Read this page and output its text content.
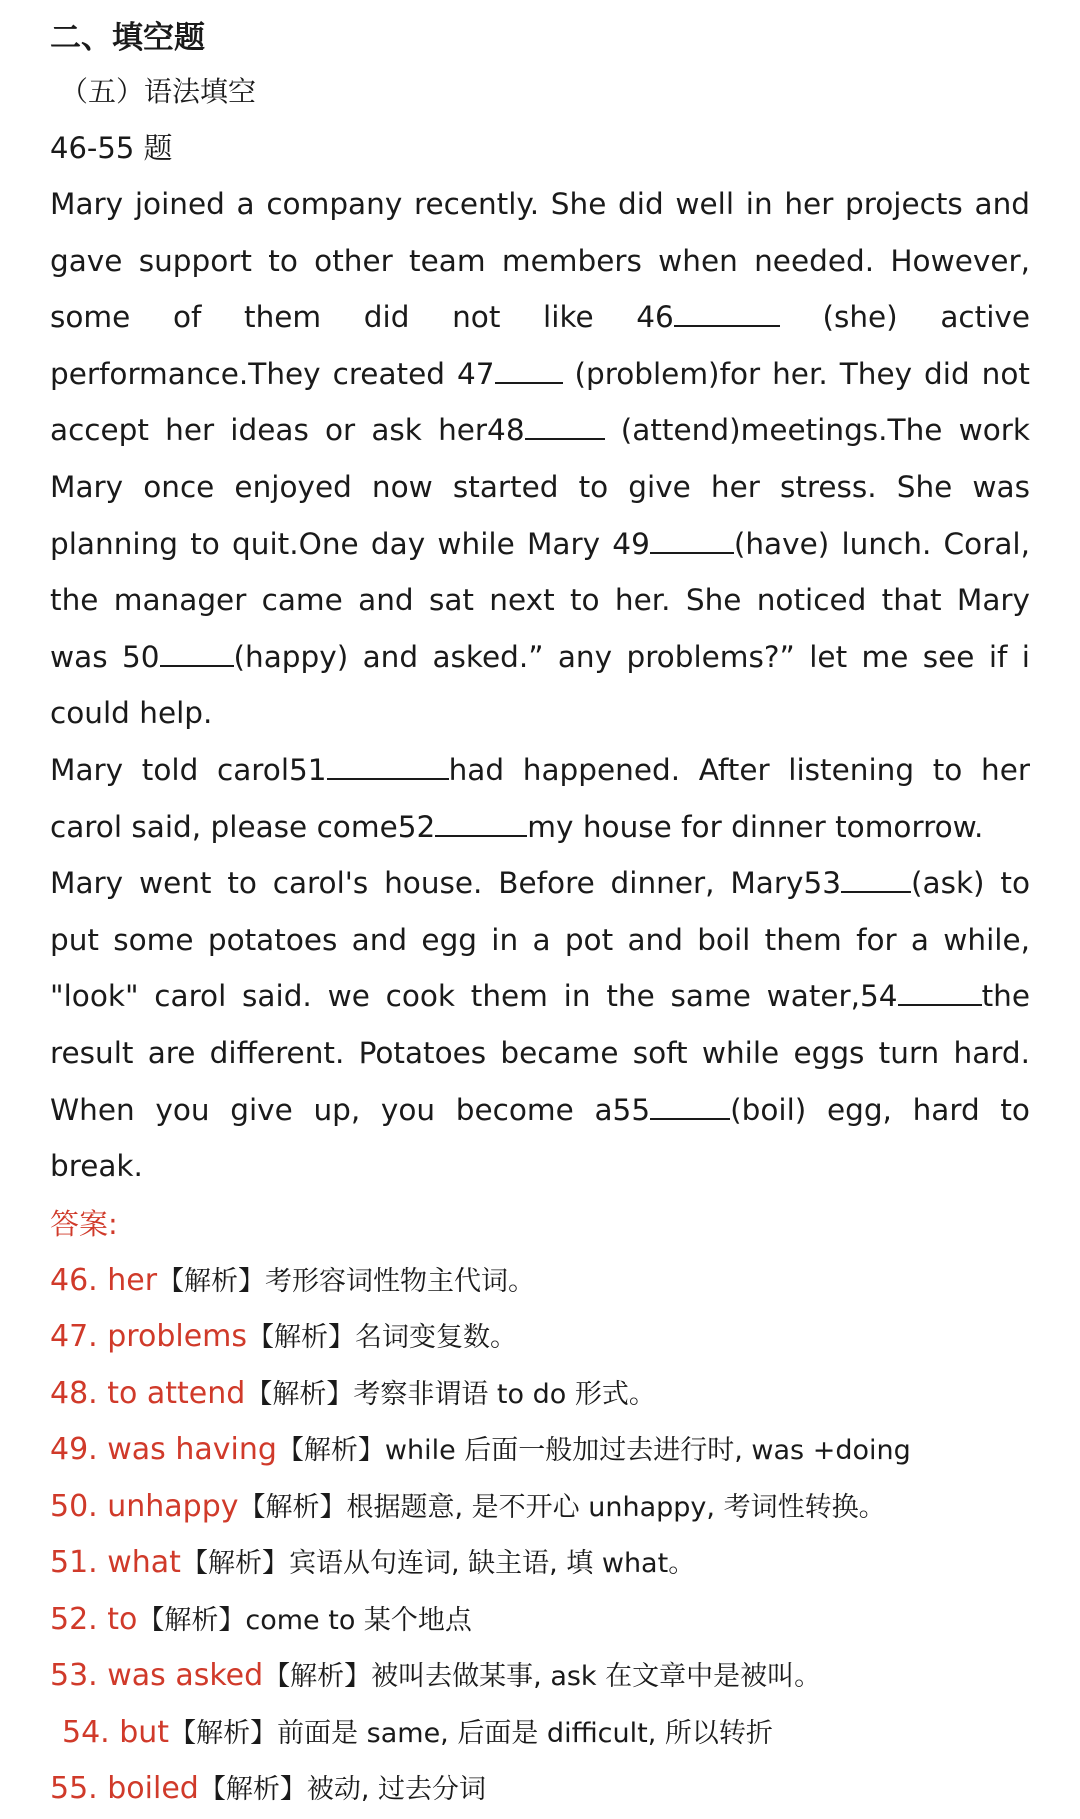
二、填空题
（五）语法填空
46-55 题

Mary joined a company recently. She did well in her projects and gave support to other team members when needed. However, some of them did not like 46	(she) active performance.They created 47	(problem)for her. They did not accept her ideas or ask her48	(attend)meetings.The work Mary once enjoyed now started to give her stress. She was planning to quit.One day while Mary 49	(have) lunch. Coral, the manager came and sat next to her. She noticed that Mary was 50	(happy) and asked.” any problems?” let me see if i could help.

Mary told carol51	had happened. After listening to her carol said, please come52	my house for dinner tomorrow.

Mary went to carol's house. Before dinner, Mary53 (ask) to put some potatoes and egg in a pot and boil them for a while, "look" carol said. we cook them in the same water,54	the result are different. Potatoes became soft while eggs turn hard. When you give up, you become a55	(boil) egg, hard to break.

答案:
46. her【解析】考形容词性物主代词。
47. problems【解析】名词变复数。
48. to attend【解析】考察非谓语 to do 形式。
49. was having【解析】while 后面一般加过去进行时, was +doing
50. unhappy【解析】根据题意, 是不开心 unhappy, 考词性转换。
51. what【解析】宾语从句连词, 缺主语, 填 what。
52. to【解析】come to 某个地点
53. was asked【解析】被叫去做某事, ask 在文章中是被叫。
54. but【解析】前面是 same, 后面是 difficult, 所以转折
55. boiled【解析】被动, 过去分词
